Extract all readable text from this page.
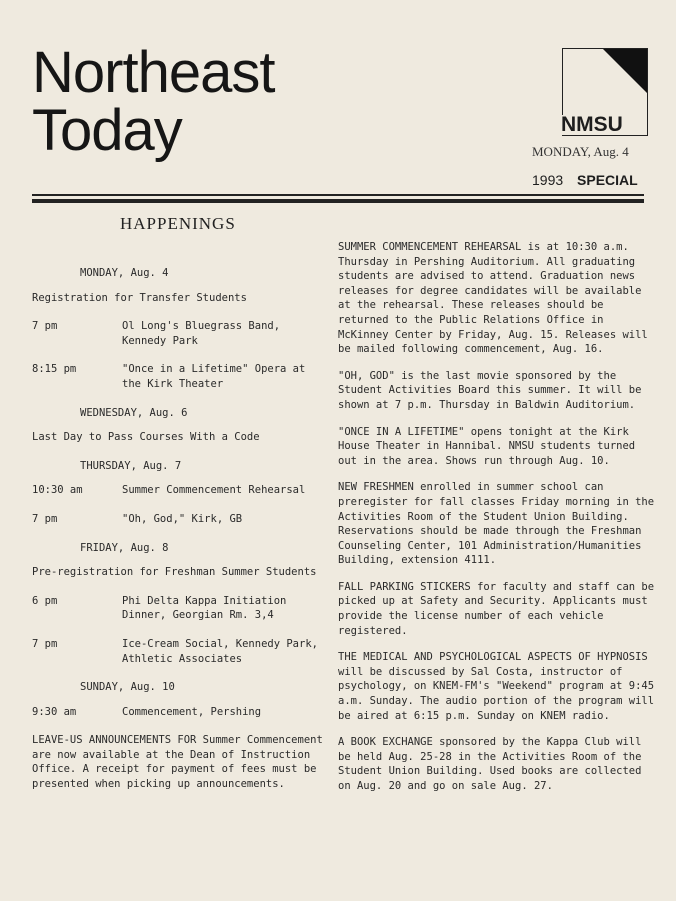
Northeast
Today	NMSU
MONDAY, Aug. 4
1993 SPECIAL
HAPPENINGS
MONDAY, Aug. 4
Registration for Transfer Students
7 pm	Ol Long's Bluegrass Band, Kennedy Park
8:15 pm	"Once in a Lifetime" Opera at the Kirk Theater
WEDNESDAY, Aug. 6
Last Day to Pass Courses With a Code
THURSDAY, Aug. 7
10:30 am	Summer Commencement Rehearsal
7 pm	"Oh, God," Kirk, GB
FRIDAY, Aug. 8
Pre-registration for Freshman Summer Students
6 pm	Phi Delta Kappa Initiation Dinner, Georgian Rm. 3,4
7 pm	Ice-Cream Social, Kennedy Park, Athletic Associates
SUNDAY, Aug. 10
9:30 am	Commencement, Pershing
LEAVE-US ANNOUNCEMENTS FOR Summer Commencement are now available at the Dean of Instruction Office. A receipt for payment of fees must be presented when picking up announcements.
SUMMER COMMENCEMENT REHEARSAL is at 10:30 a.m. Thursday in Pershing Auditorium. All graduating students are advised to attend. Graduation news releases for degree candidates will be available at the rehearsal. These releases should be returned to the Public Relations Office in McKinney Center by Friday, Aug. 15. Releases will be mailed following commencement, Aug. 16.
"OH, GOD" is the last movie sponsored by the Student Activities Board this summer. It will be shown at 7 p.m. Thursday in Baldwin Auditorium.
"ONCE IN A LIFETIME" opens tonight at the Kirk House Theater in Hannibal. NMSU students turned out in the area. Shows run through Aug. 10.
NEW FRESHMEN enrolled in summer school can preregister for fall classes Friday morning in the Activities Room of the Student Union Building. Reservations should be made through the Freshman Counseling Center, 101 Administration/Humanities Building, extension 4111.
FALL PARKING STICKERS for faculty and staff can be picked up at Safety and Security. Applicants must provide the license number of each vehicle registered.
THE MEDICAL AND PSYCHOLOGICAL ASPECTS OF HYPNOSIS will be discussed by Sal Costa, instructor of psychology, on KNEM-FM's "Weekend" program at 9:45 a.m. Sunday. The audio portion of the program will be aired at 6:15 p.m. Sunday on KNEM radio.
A BOOK EXCHANGE sponsored by the Kappa Club will be held Aug. 25-28 in the Activities Room of the Student Union Building. Used books are collected on Aug. 20 and go on sale Aug. 27.
